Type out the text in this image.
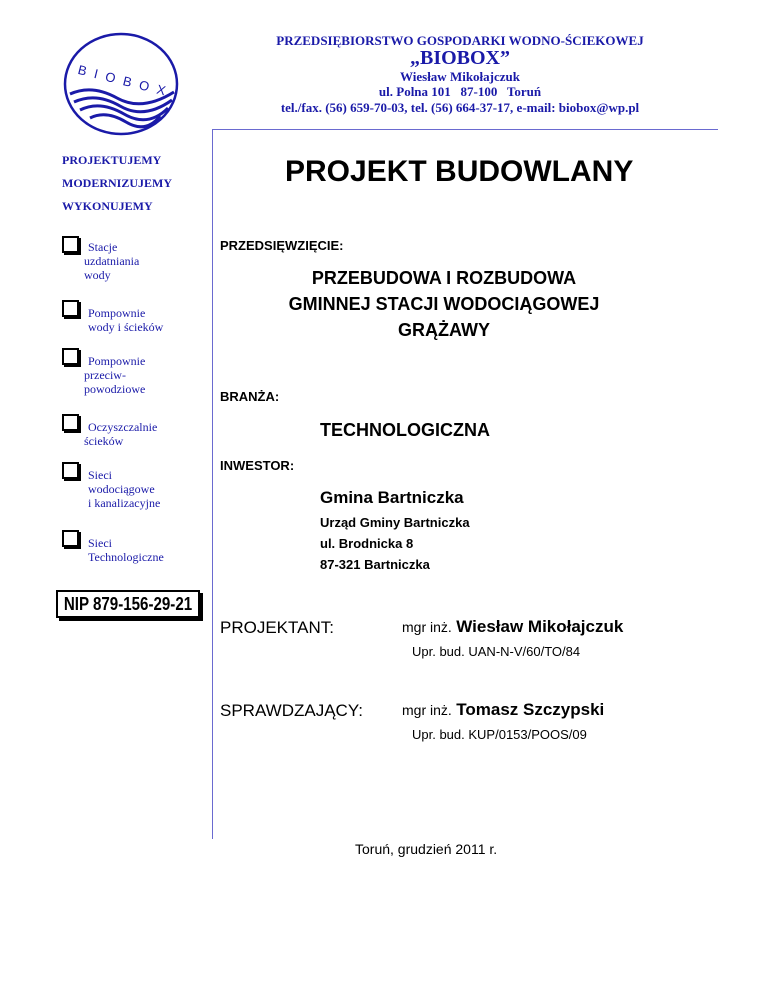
BIOBOX
PRZEDSIĘBIORSTWO GOSPODARKI WODNO-ŚCIEKOWEJ
„BIOBOX”
Wiesław Mikołajczuk
ul. Polna 101   87-100   Toruń
tel./fax. (56) 659-70-03, tel. (56) 664-37-17, e-mail: biobox@wp.pl
PROJEKTUJEMY
MODERNIZUJEMY
WYKONUJEMY
Stacje
uzdatniania
wody
Pompownie
wody i ścieków
Pompownie
przeciw-
powodziowe
Oczyszczalnie
ścieków
Sieci
wodociągowe
i kanalizacyjne
Sieci
Technologiczne
NIP 879-156-29-21
PROJEKT BUDOWLANY
PRZEDSIĘWZIĘCIE:
PRZEBUDOWA I ROZBUDOWA
GMINNEJ STACJI WODOCIĄGOWEJ
GRĄŻAWY
BRANŻA:
TECHNOLOGICZNA
INWESTOR:
Gmina Bartniczka
Urząd Gminy Bartniczka
ul. Brodnicka 8
87-321 Bartniczka
PROJEKTANT:	mgr inż. Wiesław Mikołajczuk
Upr. bud. UAN-N-V/60/TO/84
SPRAWDZAJĄCY:	mgr inż. Tomasz Szczypski
Upr. bud. KUP/0153/POOS/09
Toruń, grudzień 2011 r.
